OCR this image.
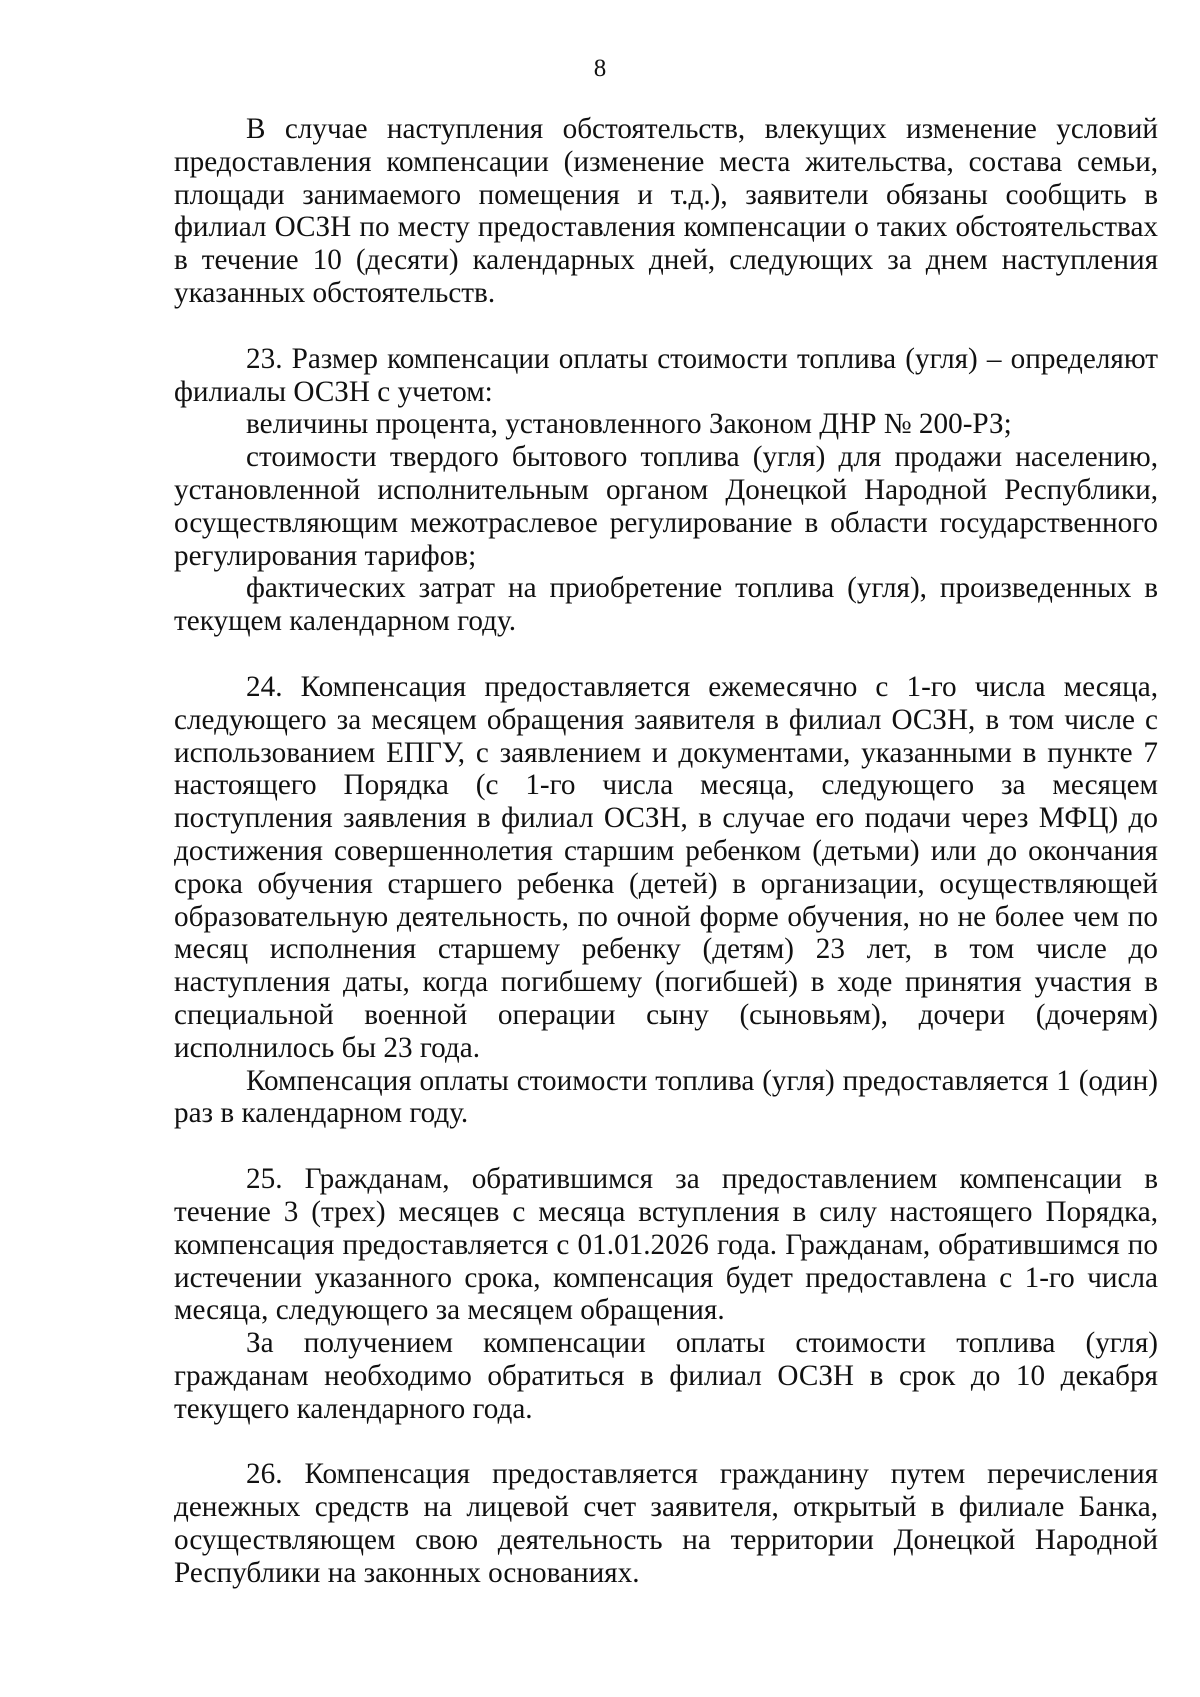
8

В случае наступления обстоятельств, влекущих изменение условий предоставления компенсации (изменение места жительства, состава семьи, площади занимаемого помещения и т.д.), заявители обязаны сообщить в филиал ОСЗН по месту предоставления компенсации о таких обстоятельствах в течение 10 (десяти) календарных дней, следующих за днем наступления указанных обстоятельств.

23. Размер компенсации оплаты стоимости топлива (угля) – определяют филиалы ОСЗН с учетом:

величины процента, установленного Законом ДНР № 200-РЗ;

стоимости твердого бытового топлива (угля) для продажи населению, установленной исполнительным органом Донецкой Народной Республики, осуществляющим межотраслевое регулирование в области государственного регулирования тарифов;

фактических затрат на приобретение топлива (угля), произведенных в текущем календарном году.

24. Компенсация предоставляется ежемесячно с 1-го числа месяца, следующего за месяцем обращения заявителя в филиал ОСЗН, в том числе с использованием ЕПГУ, с заявлением и документами, указанными в пункте 7 настоящего Порядка (с 1-го числа месяца, следующего за месяцем поступления заявления в филиал ОСЗН, в случае его подачи через МФЦ) до достижения совершеннолетия старшим ребенком (детьми) или до окончания срока обучения старшего ребенка (детей) в организации, осуществляющей образовательную деятельность, по очной форме обучения, но не более чем по месяц исполнения старшему ребенку (детям) 23 лет, в том числе до наступления даты, когда погибшему (погибшей) в ходе принятия участия в специальной военной операции сыну (сыновьям), дочери (дочерям) исполнилось бы 23 года.

Компенсация оплаты стоимости топлива (угля) предоставляется 1 (один) раз в календарном году.

25. Гражданам, обратившимся за предоставлением компенсации в течение 3 (трех) месяцев с месяца вступления в силу настоящего Порядка, компенсация предоставляется с 01.01.2026 года. Гражданам, обратившимся по истечении указанного срока, компенсация будет предоставлена с 1-го числа месяца, следующего за месяцем обращения.

За получением компенсации оплаты стоимости топлива (угля) гражданам необходимо обратиться в филиал ОСЗН в срок до 10 декабря текущего календарного года.

26. Компенсация предоставляется гражданину путем перечисления денежных средств на лицевой счет заявителя, открытый в филиале Банка, осуществляющем свою деятельность на территории Донецкой Народной Республики на законных основаниях.
